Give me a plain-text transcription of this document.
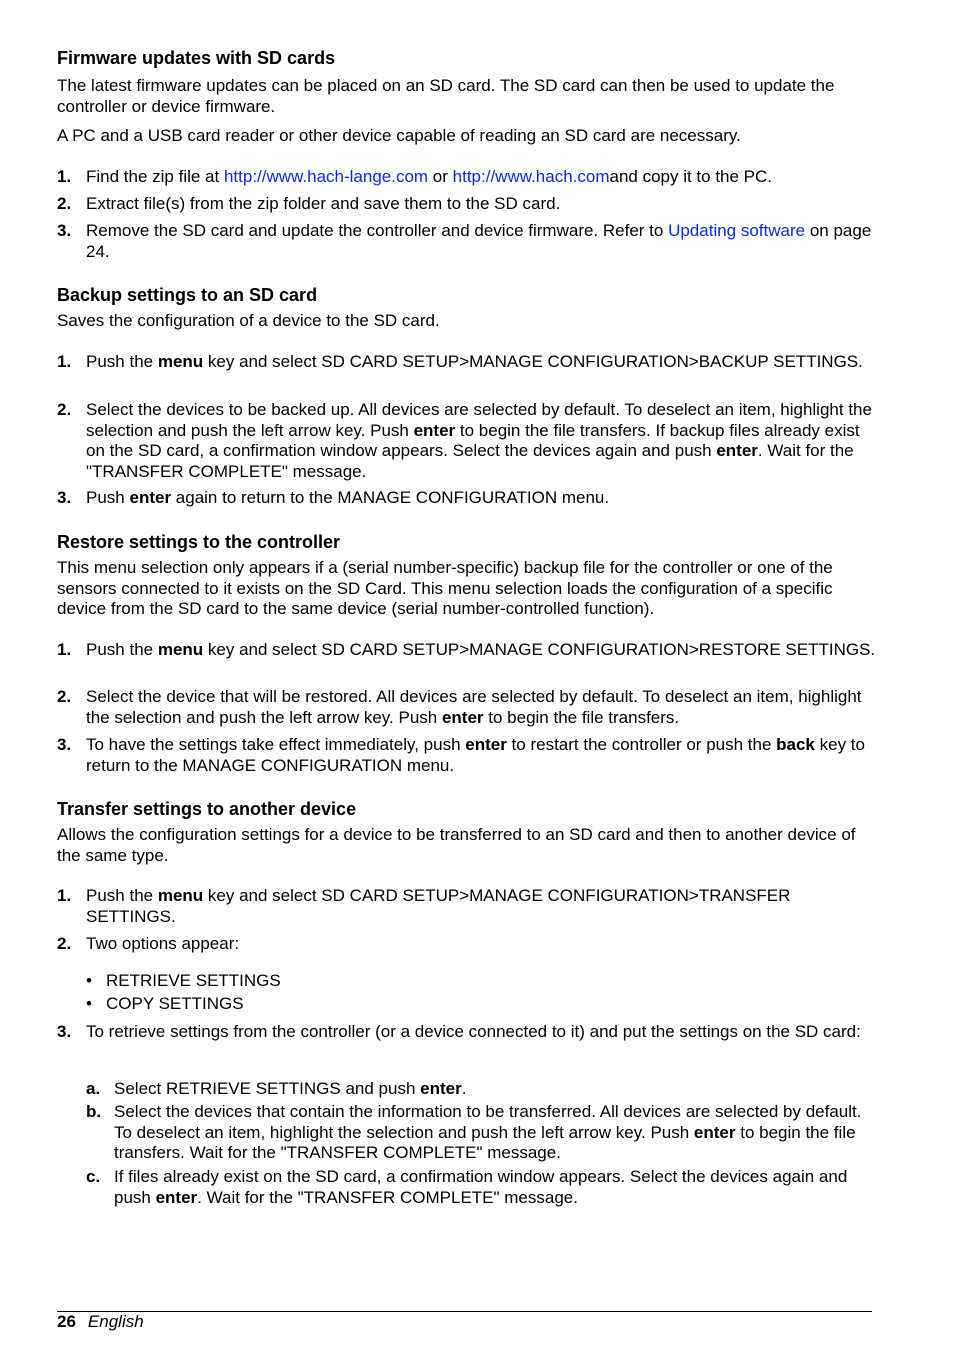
Firmware updates with SD cards
The latest firmware updates can be placed on an SD card. The SD card can then be used to update the controller or device firmware.
A PC and a USB card reader or other device capable of reading an SD card are necessary.
1. Find the zip file at http://www.hach-lange.com or http://www.hach.comand copy it to the PC.
2. Extract file(s) from the zip folder and save them to the SD card.
3. Remove the SD card and update the controller and device firmware. Refer to Updating software on page 24.
Backup settings to an SD card
Saves the configuration of a device to the SD card.
1. Push the menu key and select SD CARD SETUP>MANAGE CONFIGURATION>BACKUP SETTINGS.
2. Select the devices to be backed up. All devices are selected by default. To deselect an item, highlight the selection and push the left arrow key. Push enter to begin the file transfers. If backup files already exist on the SD card, a confirmation window appears. Select the devices again and push enter. Wait for the "TRANSFER COMPLETE" message.
3. Push enter again to return to the MANAGE CONFIGURATION menu.
Restore settings to the controller
This menu selection only appears if a (serial number-specific) backup file for the controller or one of the sensors connected to it exists on the SD Card. This menu selection loads the configuration of a specific device from the SD card to the same device (serial number-controlled function).
1. Push the menu key and select SD CARD SETUP>MANAGE CONFIGURATION>RESTORE SETTINGS.
2. Select the device that will be restored. All devices are selected by default. To deselect an item, highlight the selection and push the left arrow key. Push enter to begin the file transfers.
3. To have the settings take effect immediately, push enter to restart the controller or push the back key to return to the MANAGE CONFIGURATION menu.
Transfer settings to another device
Allows the configuration settings for a device to be transferred to an SD card and then to another device of the same type.
1. Push the menu key and select SD CARD SETUP>MANAGE CONFIGURATION>TRANSFER SETTINGS.
2. Two options appear:
• RETRIEVE SETTINGS
• COPY SETTINGS
3. To retrieve settings from the controller (or a device connected to it) and put the settings on the SD card:
a. Select RETRIEVE SETTINGS and push enter.
b. Select the devices that contain the information to be transferred. All devices are selected by default. To deselect an item, highlight the selection and push the left arrow key. Push enter to begin the file transfers. Wait for the "TRANSFER COMPLETE" message.
c. If files already exist on the SD card, a confirmation window appears. Select the devices again and push enter. Wait for the "TRANSFER COMPLETE" message.
26 English
